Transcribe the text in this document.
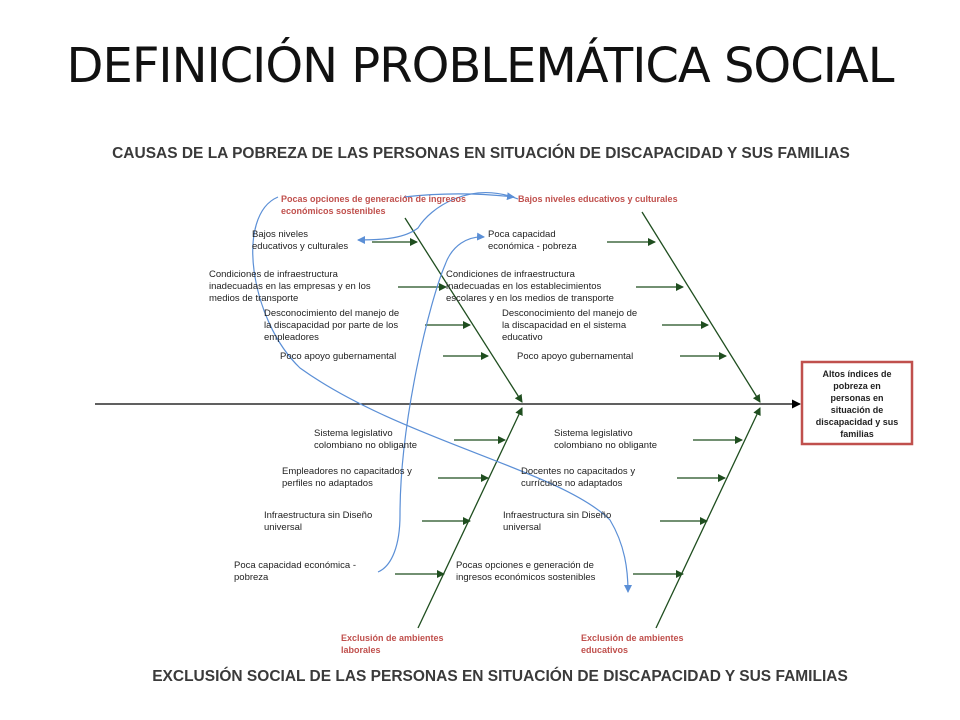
DEFINICIÓN PROBLEMÁTICA SOCIAL
CAUSAS DE LA POBREZA DE LAS PERSONAS EN SITUACIÓN DE DISCAPACIDAD Y SUS FAMILIAS
EXCLUSIÓN SOCIAL DE LAS PERSONAS EN SITUACIÓN DE DISCAPACIDAD Y SUS FAMILIAS
Altos índices de
pobreza en
personas en
situación de
discapacidad y sus
familias
Pocas opciones de generación de ingresos
económicos sostenibles
Bajos niveles educativos y culturales
Exclusión de ambientes
laborales
Exclusión de ambientes
educativos
Bajos niveles
educativos y culturales
Condiciones de infraestructura
inadecuadas en las empresas y en los
medios de transporte
Desconocimiento del manejo de
la discapacidad por parte de los
empleadores
Poco apoyo gubernamental
Poca capacidad
económica - pobreza
Condiciones de infraestructura
inadecuadas en los establecimientos
escolares y en los medios de transporte
Desconocimiento del manejo de
la discapacidad en el sistema
educativo
Poco apoyo gubernamental
Sistema legislativo
colombiano no obligante
Empleadores no capacitados y
perfiles no adaptados
Infraestructura sin Diseño
universal
Poca capacidad económica -
pobreza
Sistema legislativo
colombiano no obligante
Docentes no capacitados y
currículos no adaptados
Infraestructura sin Diseño
universal
Pocas opciones e generación de
ingresos económicos sostenibles
